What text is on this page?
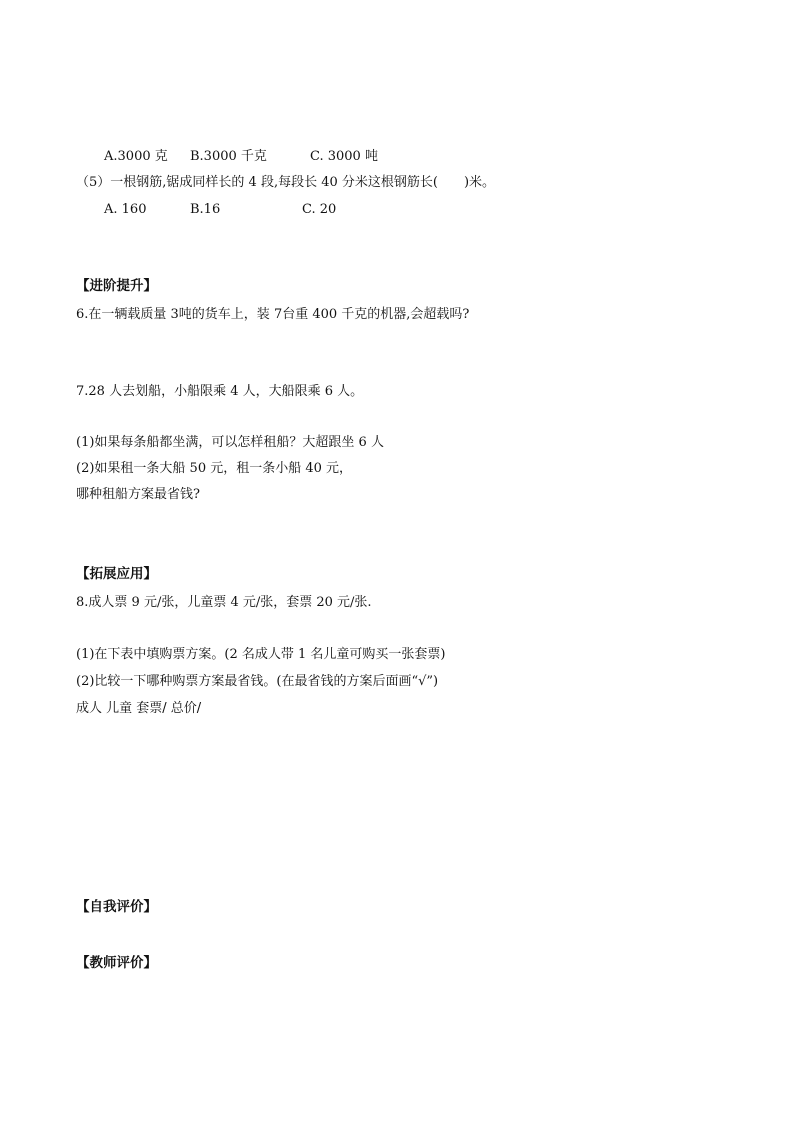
A.3000 克 B.3000 千克	C. 3000 吨
（5）一根钢筋,锯成同样长的 4 段,每段长 40 分米这根钢筋长(　　)米。
A. 160	B.16	C. 20
【进阶提升】
6.在一辆载质量 3吨的货车上，装 7台重 400 千克的机器,会超载吗?
7.28 人去划船，小船限乘 4 人，大船限乘 6 人。
(1)如果每条船都坐满，可以怎样租船？大超跟坐 6 人
(2)如果租一条大船 50 元，租一条小船 40 元，
哪种租船方案最省钱?
【拓展应用】
8.成人票 9 元/张，儿童票 4 元/张，套票 20 元/张.
(1)在下表中填购票方案。(2 名成人带 1 名儿童可购买一张套票)
(2)比较一下哪种购票方案最省钱。(在最省钱的方案后面画“√”)
成人 儿童 套票/ 总价/
【自我评价】
【教师评价】
